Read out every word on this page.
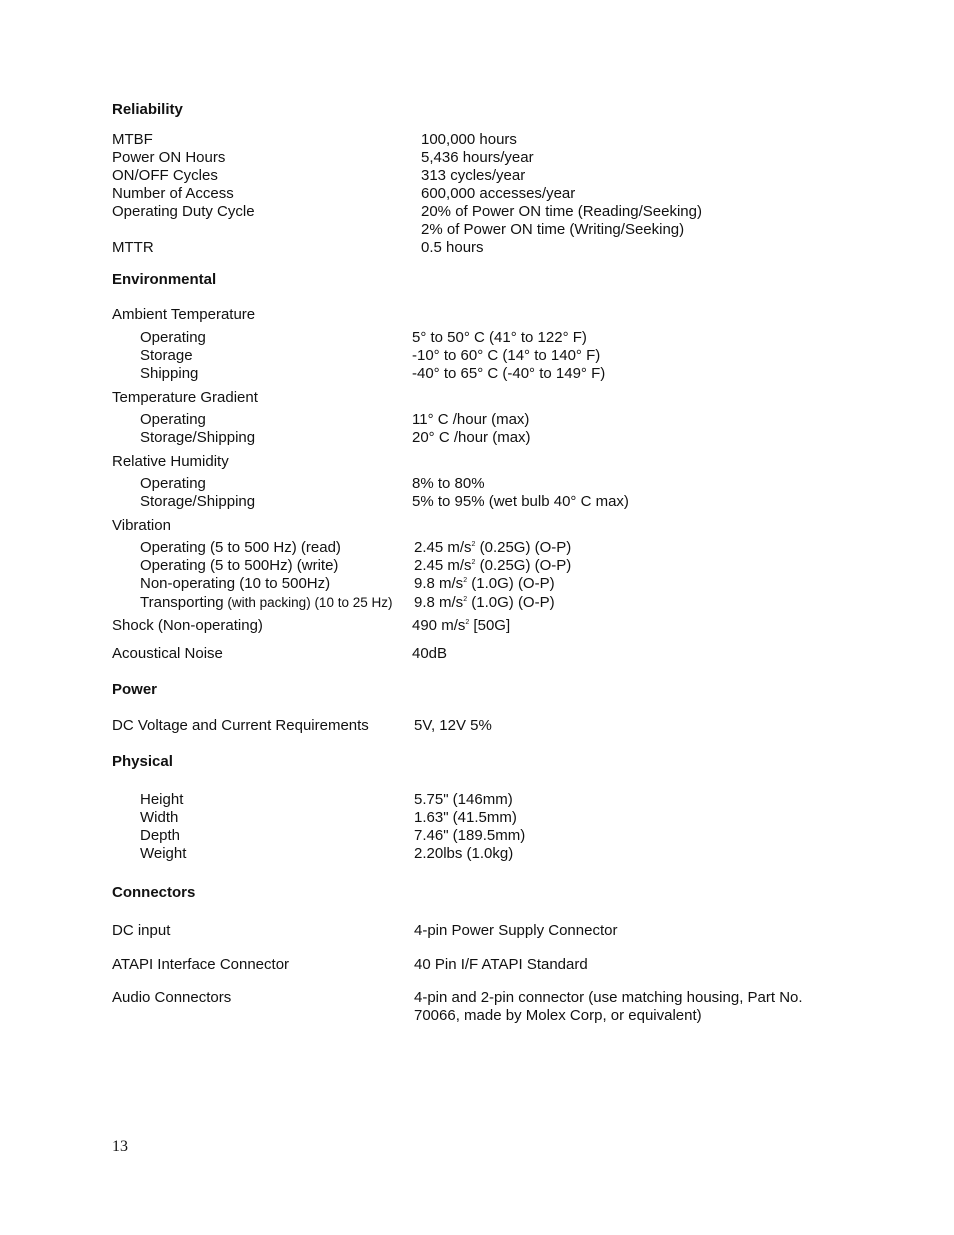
Reliability
MTBF	100,000 hours
Power ON Hours	5,436 hours/year
ON/OFF Cycles	313 cycles/year
Number of Access	600,000 accesses/year
Operating Duty Cycle	20% of Power ON time (Reading/Seeking)
2% of Power ON time (Writing/Seeking)
MTTR	0.5 hours
Environmental
Ambient Temperature
Operating	5° to 50° C (41° to 122° F)
Storage	-10° to 60° C (14° to 140° F)
Shipping	-40° to 65° C (-40° to 149° F)
Temperature Gradient
Operating	11° C /hour (max)
Storage/Shipping	20° C /hour (max)
Relative Humidity
Operating	8% to 80%
Storage/Shipping	5% to 95% (wet bulb 40° C max)
Vibration
Operating (5 to 500 Hz) (read)	2.45 $m/s^2$ (0.25G) (O-P)
Operating (5 to 500Hz) (write)	2.45 $m/s^2$ (0.25G) (O-P)
Non-operating (10 to 500Hz)	9.8 $m/s^2$ (1.0G) (O-P)
Transporting (with packing) (10 to 25 Hz) 9.8 $m/s^2$ (1.0G) (O-P)
Shock (Non-operating)	490 $m/s^2$ [50G]
Acoustical Noise	40dB
Power
DC Voltage and Current Requirements	5V, 12V 5%
Physical
Height	5.75" (146mm)
Width	1.63" (41.5mm)
Depth	7.46" (189.5mm)
Weight	2.20lbs (1.0kg)
Connectors
DC input	4-pin Power Supply Connector
ATAPI Interface Connector	40 Pin I/F ATAPI Standard
Audio Connectors	4-pin and 2-pin connector (use matching housing, Part No.
70066, made by Molex Corp, or equivalent)
13
